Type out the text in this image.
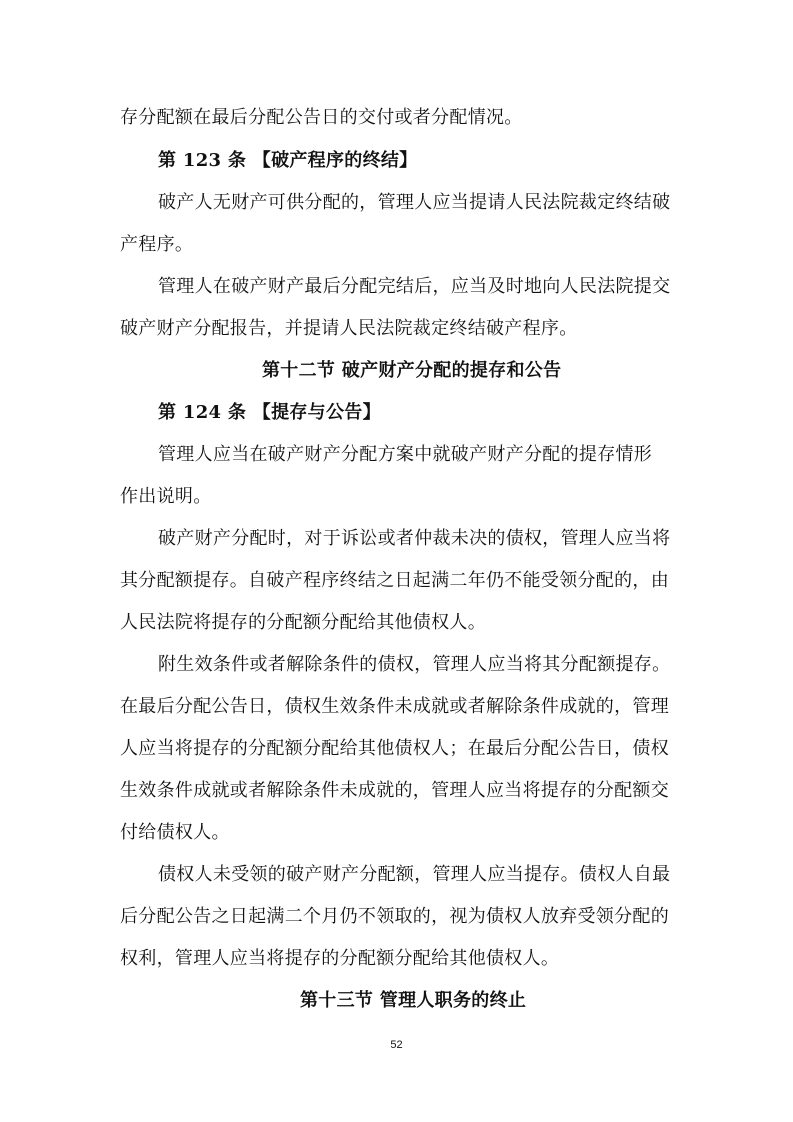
存分配额在最后分配公告日的交付或者分配情况。
第 123 条 【破产程序的终结】
破产人无财产可供分配的，管理人应当提请人民法院裁定终结破
产程序。
管理人在破产财产最后分配完结后，应当及时地向人民法院提交
破产财产分配报告，并提请人民法院裁定终结破产程序。
第十二节 破产财产分配的提存和公告
第 124 条 【提存与公告】
管理人应当在破产财产分配方案中就破产财产分配的提存情形
作出说明。
破产财产分配时，对于诉讼或者仲裁未决的债权，管理人应当将
其分配额提存。自破产程序终结之日起满二年仍不能受领分配的，由
人民法院将提存的分配额分配给其他债权人。
附生效条件或者解除条件的债权，管理人应当将其分配额提存。
在最后分配公告日，债权生效条件未成就或者解除条件成就的，管理
人应当将提存的分配额分配给其他债权人；在最后分配公告日，债权
生效条件成就或者解除条件未成就的，管理人应当将提存的分配额交
付给债权人。
债权人未受领的破产财产分配额，管理人应当提存。债权人自最
后分配公告之日起满二个月仍不领取的，视为债权人放弃受领分配的
权利，管理人应当将提存的分配额分配给其他债权人。
第十三节 管理人职务的终止
52
